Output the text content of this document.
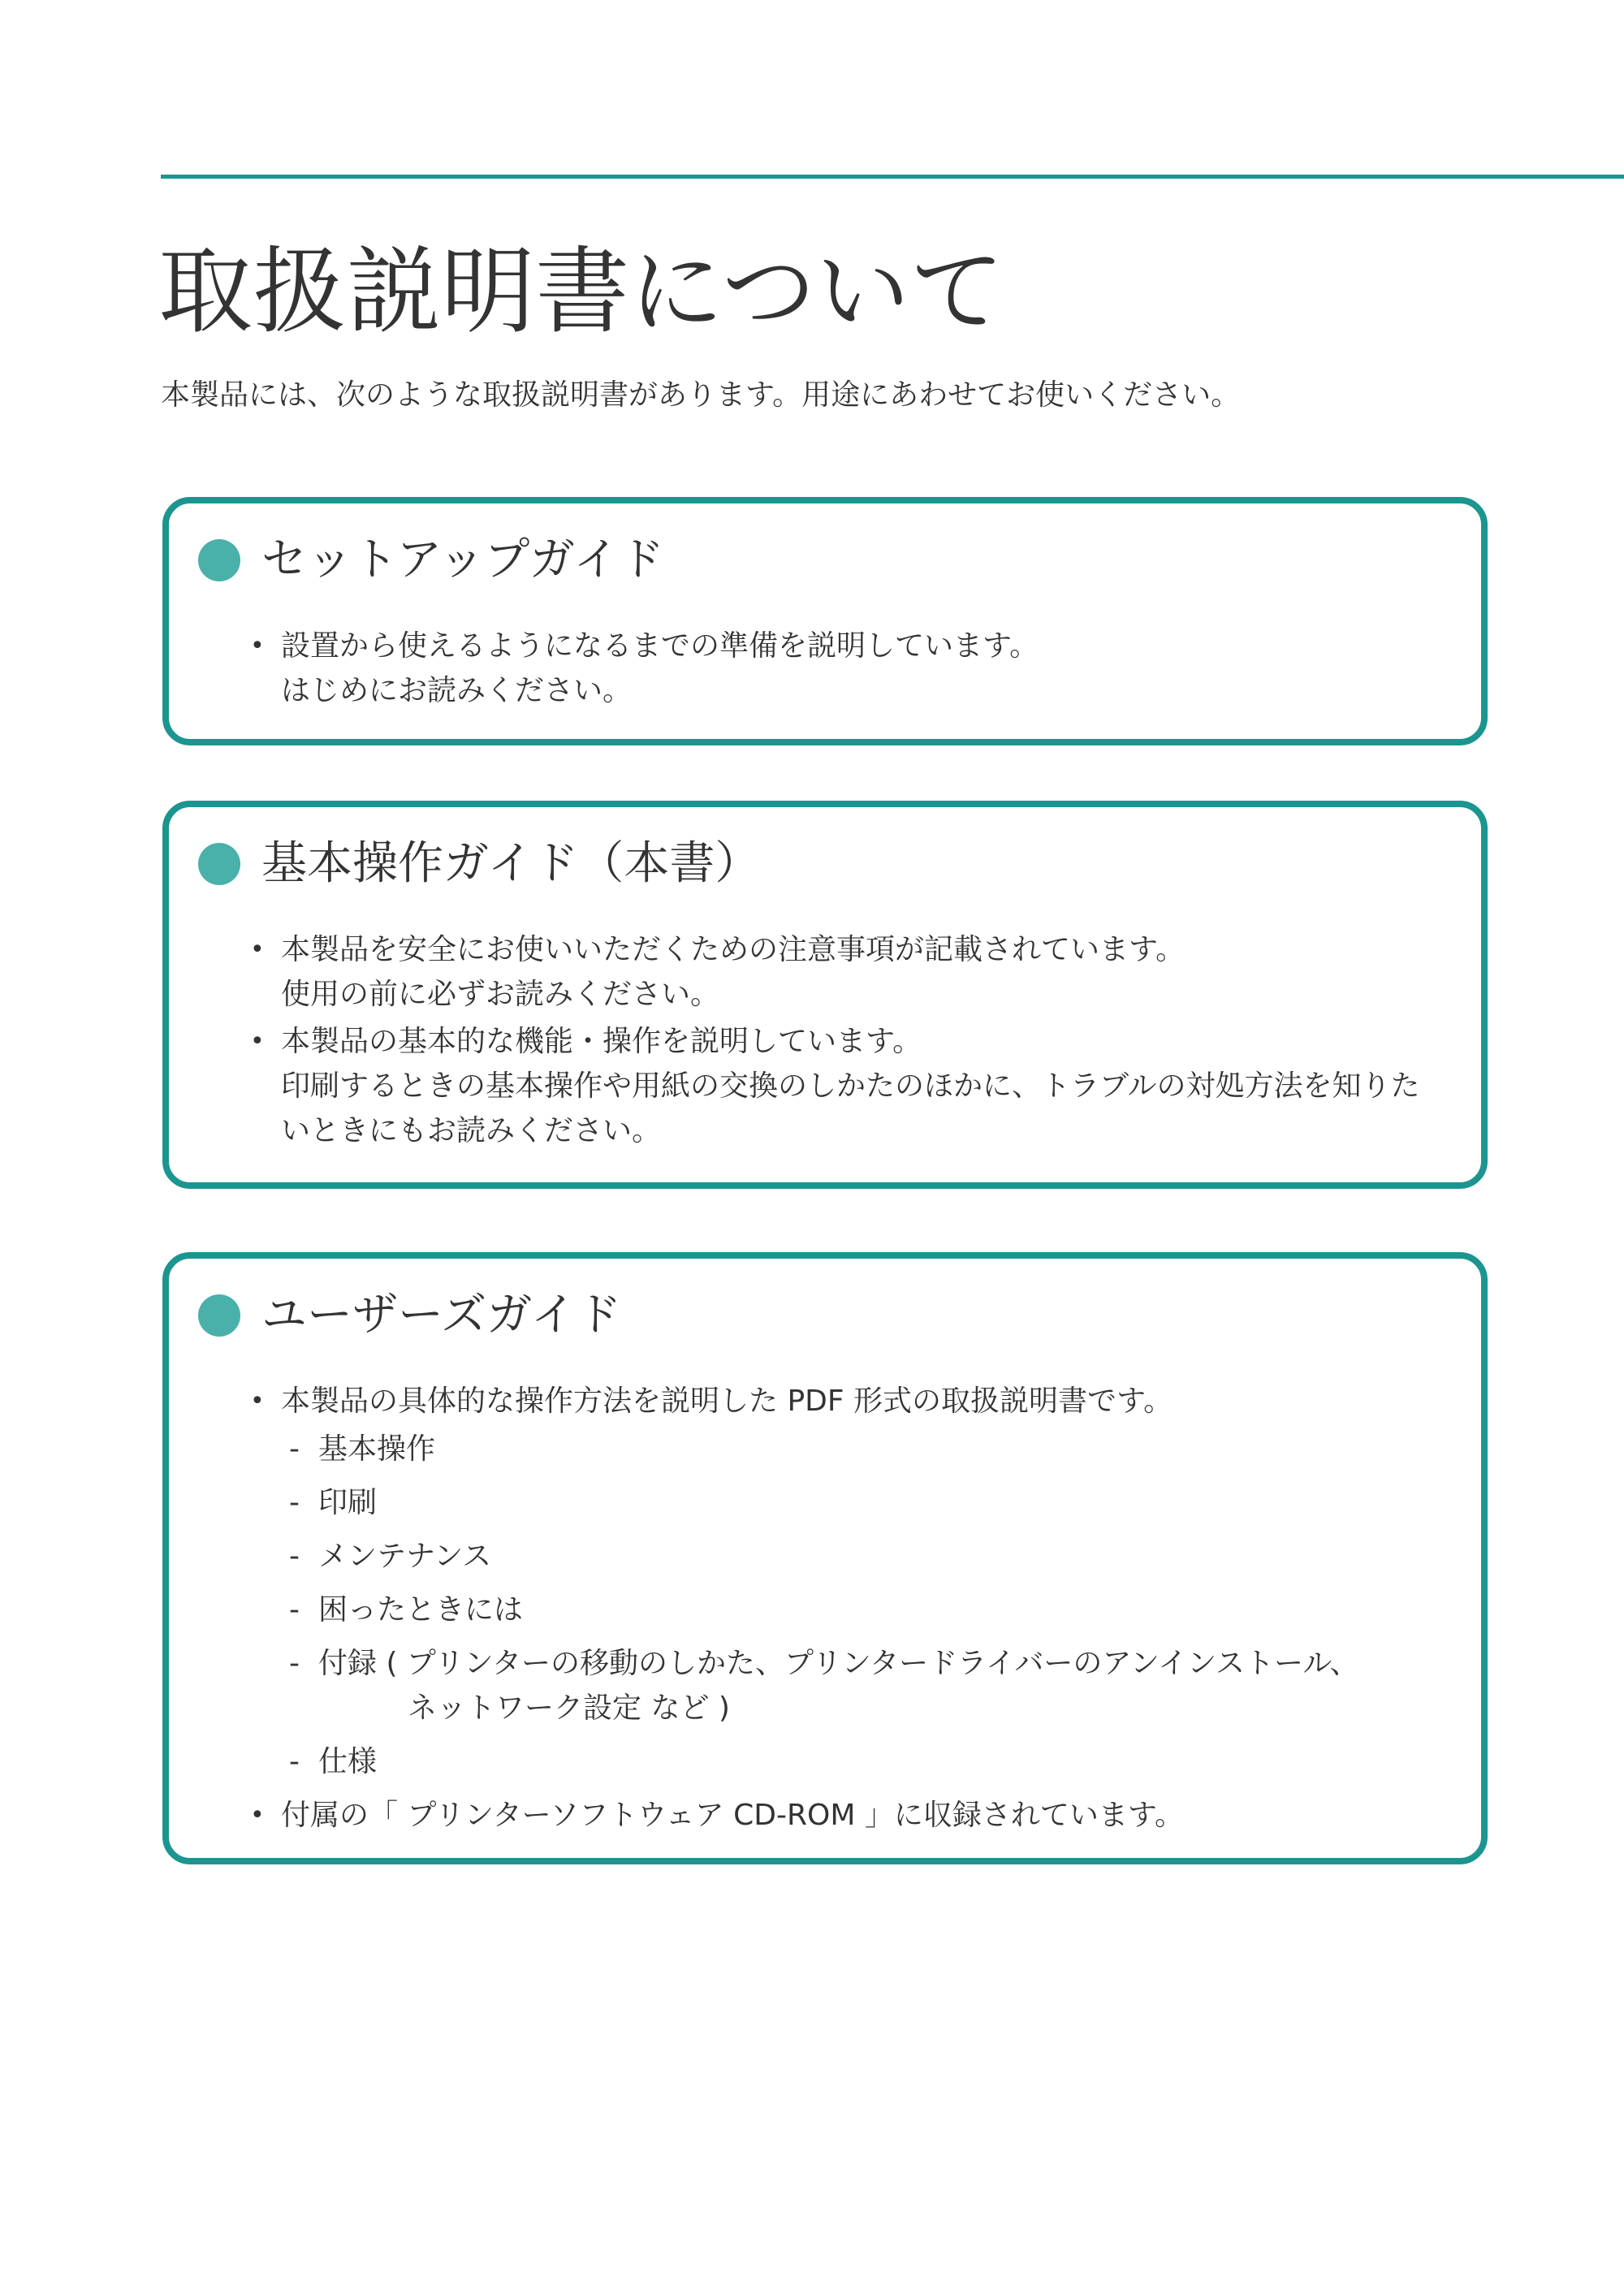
取扱説明書について

本製品には、次のような取扱説明書があります。用途にあわせてお使いください。

セットアップガイド
• 設置から使えるようになるまでの準備を説明しています。
はじめにお読みください。
基本操作ガイド（本書）
• 本製品を安全にお使いいただくための注意事項が記載されています。
使用の前に必ずお読みください。
• 本製品の基本的な機能・操作を説明しています。
印刷するときの基本操作や用紙の交換のしかたのほかに、トラブルの対処方法を知りた
いときにもお読みください。
ユーザーズガイド
• 本製品の具体的な操作方法を説明した PDF 形式の取扱説明書です。
- 基本操作
- 印刷
- メンテナンス
- 困ったときには
- 付録 ( プリンターの移動のしかた、プリンタードライバーのアンインストール、
ネットワーク設定 など )
- 仕様
• 付属の「 プリンターソフトウェア CD-ROM 」に収録されています。
